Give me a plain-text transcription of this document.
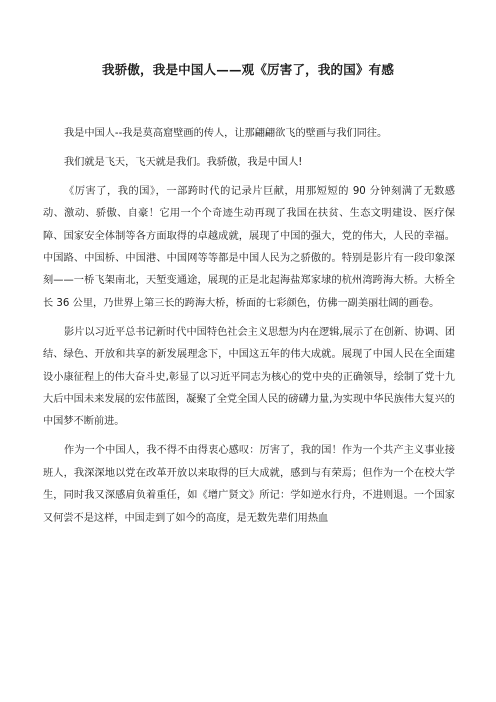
我骄傲，我是中国人——观《厉害了，我的国》有感

我是中国人--我是莫高窟壁画的传人，让那翩翩欲飞的壁画与我们同往。

我们就是飞天，飞天就是我们。我骄傲，我是中国人!

《厉害了，我的国》，一部跨时代的记录片巨献，用那短短的 90 分钟刻满了无数感动、激动、骄傲、自豪！它用一个个奇迹生动再现了我国在扶贫、生态文明建设、医疗保障、国家安全体制等各方面取得的卓越成就，展现了中国的强大，党的伟大，人民的幸福。中国路、中国桥、中国港、中国网等等都是中国人民为之骄傲的。特别是影片有一段印象深刻——一桥飞架南北，天堑变通途，展现的正是北起海盐郑家埭的杭州湾跨海大桥。大桥全长 36 公里，乃世界上第三长的跨海大桥，桥面的七彩颜色，仿佛一副美丽壮阔的画卷。

影片以习近平总书记新时代中国特色社会主义思想为内在逻辑,展示了在创新、协调、团结、绿色、开放和共享的新发展理念下，中国这五年的伟大成就。展现了中国人民在全面建设小康征程上的伟大奋斗史,彰显了以习近平同志为核心的党中央的正确领导，绘制了党十九大后中国未来发展的宏伟蓝图，凝聚了全党全国人民的磅礴力量,为实现中华民族伟大复兴的中国梦不断前进。

作为一个中国人，我不得不由得衷心感叹：厉害了，我的国！作为一个共产主义事业接班人，我深深地以党在改革开放以来取得的巨大成就，感到与有荣焉；但作为一个在校大学生，同时我又深感肩负着重任，如《增广贤文》所记：学如逆水行舟，不进则退。一个国家又何尝不是这样，中国走到了如今的高度，是无数先辈们用热血
